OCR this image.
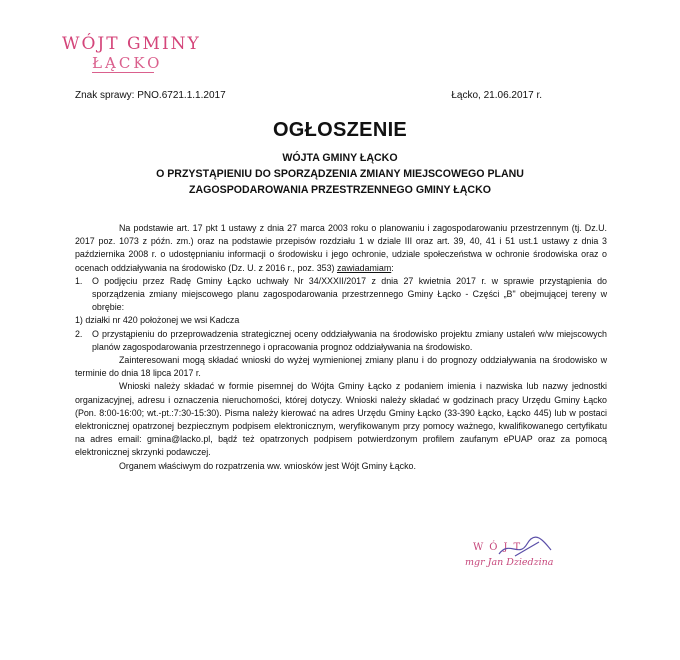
WÓJT GMINY
ŁĄCKO
Znak sprawy: PNO.6721.1.1.2017	Łącko, 21.06.2017 r.
OGŁOSZENIE
WÓJTA GMINY ŁĄCKO
O PRZYSTĄPIENIU DO SPORZĄDZENIA ZMIANY MIEJSCOWEGO PLANU
ZAGOSPODAROWANIA PRZESTRZENNEGO GMINY ŁĄCKO

Na podstawie art. 17 pkt 1 ustawy z dnia 27 marca 2003 roku o planowaniu i zagospodarowaniu przestrzennym (tj. Dz.U. 2017 poz. 1073 z późn. zm.) oraz na podstawie przepisów rozdziału 1 w dziale III oraz art. 39, 40, 41 i 51 ust.1 ustawy z dnia 3 października 2008 r. o udostępnianiu informacji o środowisku i jego ochronie, udziale społeczeństwa w ochronie środowiska oraz o ocenach oddziaływania na środowisko (Dz. U. z 2016 r., poz. 353) zawiadamiam:

1. O podjęciu przez Radę Gminy Łącko uchwały Nr 34/XXXII/2017 z dnia 27 kwietnia 2017 r. w sprawie przystąpienia do sporządzenia zmiany miejscowego planu zagospodarowania przestrzennego Gminy Łącko - Części „B" obejmującej tereny w obrębie:

1) działki nr 420 położonej we wsi Kadcza

2. O przystąpieniu do przeprowadzenia strategicznej oceny oddziaływania na środowisko projektu zmiany ustaleń w/w miejscowych planów zagospodarowania przestrzennego i opracowania prognoz oddziaływania na środowisko.

Zainteresowani mogą składać wnioski do wyżej wymienionej zmiany planu i do prognozy oddziaływania na środowisko w terminie do dnia 18 lipca 2017 r.

Wnioski należy składać w formie pisemnej do Wójta Gminy Łącko z podaniem imienia i nazwiska lub nazwy jednostki organizacyjnej, adresu i oznaczenia nieruchomości, której dotyczy. Wnioski należy składać w godzinach pracy Urzędu Gminy Łącko (Pon. 8:00-16:00; wt.-pt.:7:30-15:30). Pisma należy kierować na adres Urzędu Gminy Łącko (33-390 Łącko, Łącko 445) lub w postaci elektronicznej opatrzonej bezpiecznym podpisem elektronicznym, weryfikowanym przy pomocy ważnego, kwalifikowanego certyfikatu na adres email: gmina@lacko.pl, bądź też opatrzonych podpisem potwierdzonym profilem zaufanym ePUAP oraz za pomocą elektronicznej skrzynki podawczej.

Organem właściwym do rozpatrzenia ww. wniosków jest Wójt Gminy Łącko.

WÓJT
mgr Jan Dziedzina
